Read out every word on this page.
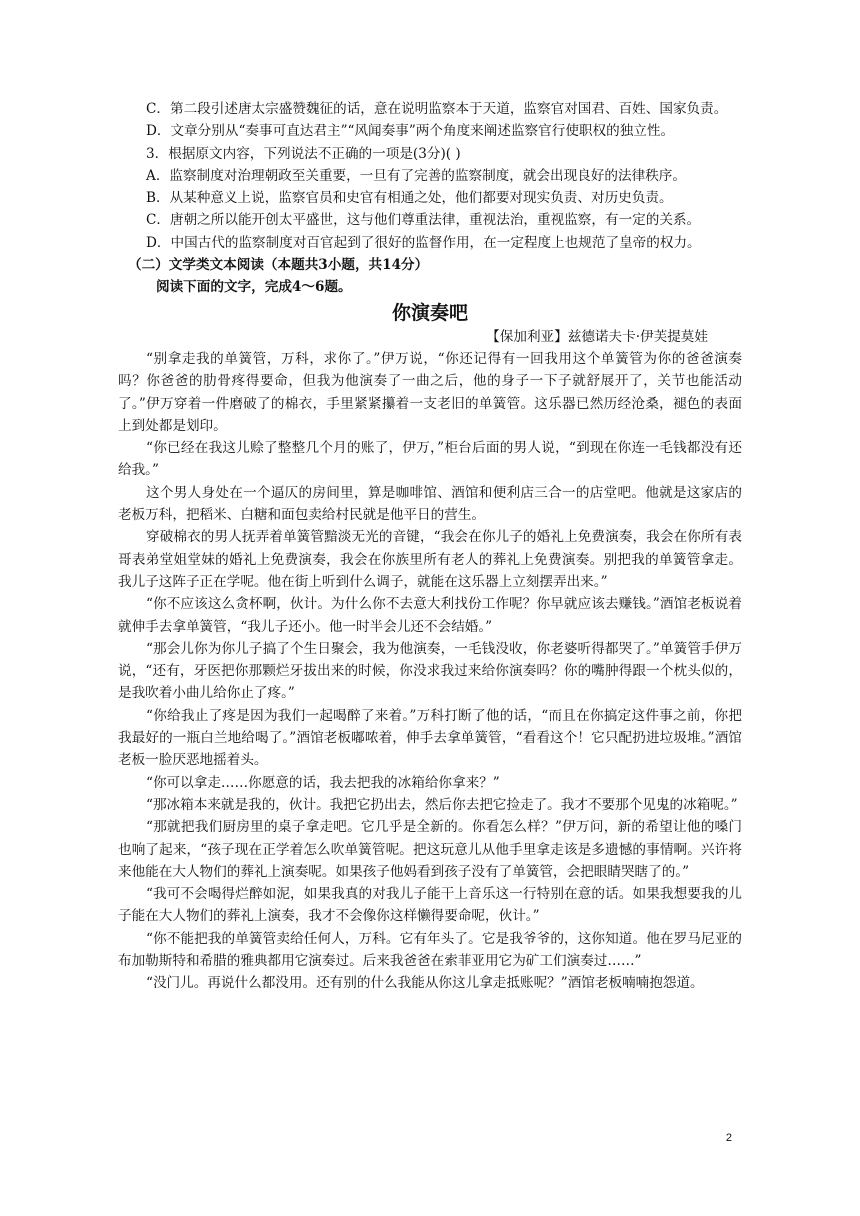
C．第二段引述唐太宗盛赞魏征的话，意在说明监察本于天道，监察官对国君、百姓、国家负责。

D．文章分别从“奏事可直达君主”“风闻奏事”两个角度来阐述监察官行使职权的独立性。

3．根据原文内容，下列说法不正确的一项是(3分)( )

A．监察制度对治理朝政至关重要，一旦有了完善的监察制度，就会出现良好的法律秩序。

B．从某种意义上说，监察官员和史官有相通之处，他们都要对现实负责、对历史负责。

C．唐朝之所以能开创太平盛世，这与他们尊重法律，重视法治，重视监察，有一定的关系。

D．中国古代的监察制度对百官起到了很好的监督作用，在一定程度上也规范了皇帝的权力。

（二）文学类文本阅读（本题共3小题，共14分）

阅读下面的文字，完成4～6题。

你演奏吧

【保加利亚】兹德诺夫卡·伊芙提莫娃

“别拿走我的单簧管，万科，求你了。”伊万说，“你还记得有一回我用这个单簧管为你的爸爸演奏吗？你爸爸的肋骨疼得要命，但我为他演奏了一曲之后，他的身子一下子就舒展开了，关节也能活动了。”伊万穿着一件磨破了的棉衣，手里紧紧攥着一支老旧的单簧管。这乐器已然历经沧桑，褪色的表面上到处都是划印。

“你已经在我这儿赊了整整几个月的账了，伊万，”柜台后面的男人说，“到现在你连一毛钱都没有还给我。”

这个男人身处在一个逼仄的房间里，算是咖啡馆、酒馆和便利店三合一的店堂吧。他就是这家店的老板万科，把稻米、白糖和面包卖给村民就是他平日的营生。

穿破棉衣的男人抚弄着单簧管黯淡无光的音键，“我会在你儿子的婚礼上免费演奏，我会在你所有表哥表弟堂姐堂妹的婚礼上免费演奏，我会在你族里所有老人的葬礼上免费演奏。别把我的单簧管拿走。我儿子这阵子正在学呢。他在街上听到什么调子，就能在这乐器上立刻摆弄出来。”

“你不应该这么贪杯啊，伙计。为什么你不去意大利找份工作呢？你早就应该去赚钱。”酒馆老板说着就伸手去拿单簧管，“我儿子还小。他一时半会儿还不会结婚。”

“那会儿你为你儿子搞了个生日聚会，我为他演奏，一毛钱没收，你老婆听得都哭了。”单簧管手伊万说，“还有，牙医把你那颗烂牙拔出来的时候，你没求我过来给你演奏吗？你的嘴肿得跟一个枕头似的，是我吹着小曲儿给你止了疼。”

“你给我止了疼是因为我们一起喝醉了来着。”万科打断了他的话，“而且在你搞定这件事之前，你把我最好的一瓶白兰地给喝了。”酒馆老板嘟哝着，伸手去拿单簧管，“看看这个！它只配扔进垃圾堆。”酒馆老板一脸厌恶地摇着头。

“你可以拿走……你愿意的话，我去把我的冰箱给你拿来？”

“那冰箱本来就是我的，伙计。我把它扔出去，然后你去把它捡走了。我才不要那个见鬼的冰箱呢。”

“那就把我们厨房里的桌子拿走吧。它几乎是全新的。你看怎么样？”伊万问，新的希望让他的嗓门也响了起来，“孩子现在正学着怎么吹单簧管呢。把这玩意儿从他手里拿走该是多遗憾的事情啊。兴许将来他能在大人物们的葬礼上演奏呢。如果孩子他妈看到孩子没有了单簧管，会把眼睛哭瞎了的。”

“我可不会喝得烂醉如泥，如果我真的对我儿子能干上音乐这一行特别在意的话。如果我想要我的儿子能在大人物们的葬礼上演奏，我才不会像你这样懒得要命呢，伙计。”

“你不能把我的单簧管卖给任何人，万科。它有年头了。它是我爷爷的，这你知道。他在罗马尼亚的布加勒斯特和希腊的雅典都用它演奏过。后来我爸爸在索菲亚用它为矿工们演奏过……”

“没门儿。再说什么都没用。还有别的什么我能从你这儿拿走抵账呢？”酒馆老板喃喃抱怨道。

2
